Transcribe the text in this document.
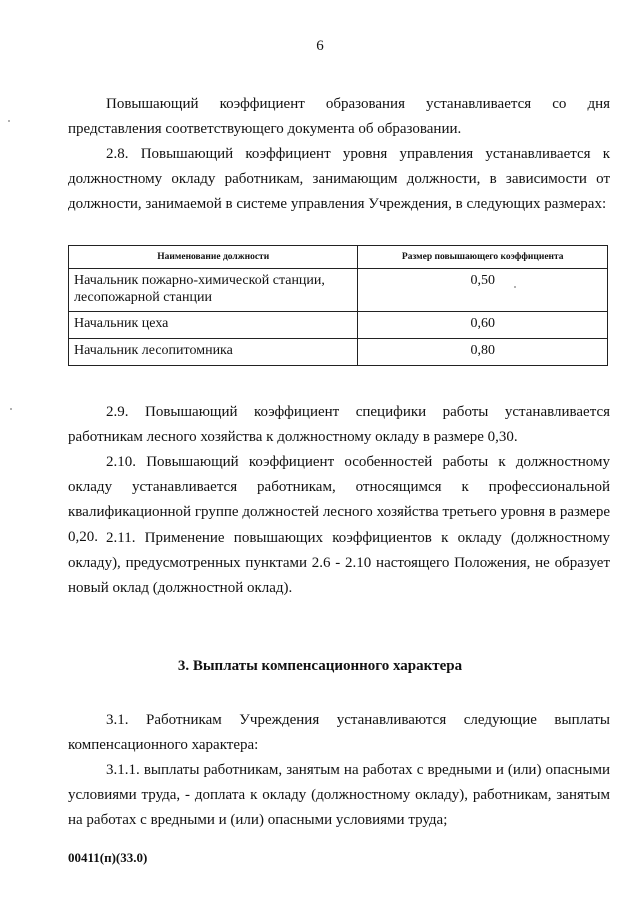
6

Повышающий коэффициент образования устанавливается со дня представления соответствующего документа об образовании.

2.8. Повышающий коэффициент уровня управления устанавливается к должностному окладу работникам, занимающим должности, в зависимости от должности, занимаемой в системе управления Учреждения, в следующих размерах:

Наименование должности	Размер повышающего коэффициента
Начальник пожарно-химической станции, лесопожарной станции	0,50
Начальник цеха	0,60
Начальник лесопитомника	0,80

2.9. Повышающий коэффициент специфики работы устанавливается работникам лесного хозяйства к должностному окладу в размере 0,30.

2.10. Повышающий коэффициент особенностей работы к должностному окладу устанавливается работникам, относящимся к профессиональной квалификационной группе должностей лесного хозяйства третьего уровня в размере 0,20. 2.11. Применение повышающих коэффициентов к окладу (должностному окладу), предусмотренных пунктами 2.6 - 2.10 настоящего Положения, не образует новый оклад (должностной оклад).

3. Выплаты компенсационного характера

3.1. Работникам Учреждения устанавливаются следующие выплаты компенсационного характера:

3.1.1. выплаты работникам, занятым на работах с вредными и (или) опасными условиями труда, - доплата к окладу (должностному окладу), работникам, занятым на работах с вредными и (или) опасными условиями труда;

00411(п)(33.0)
